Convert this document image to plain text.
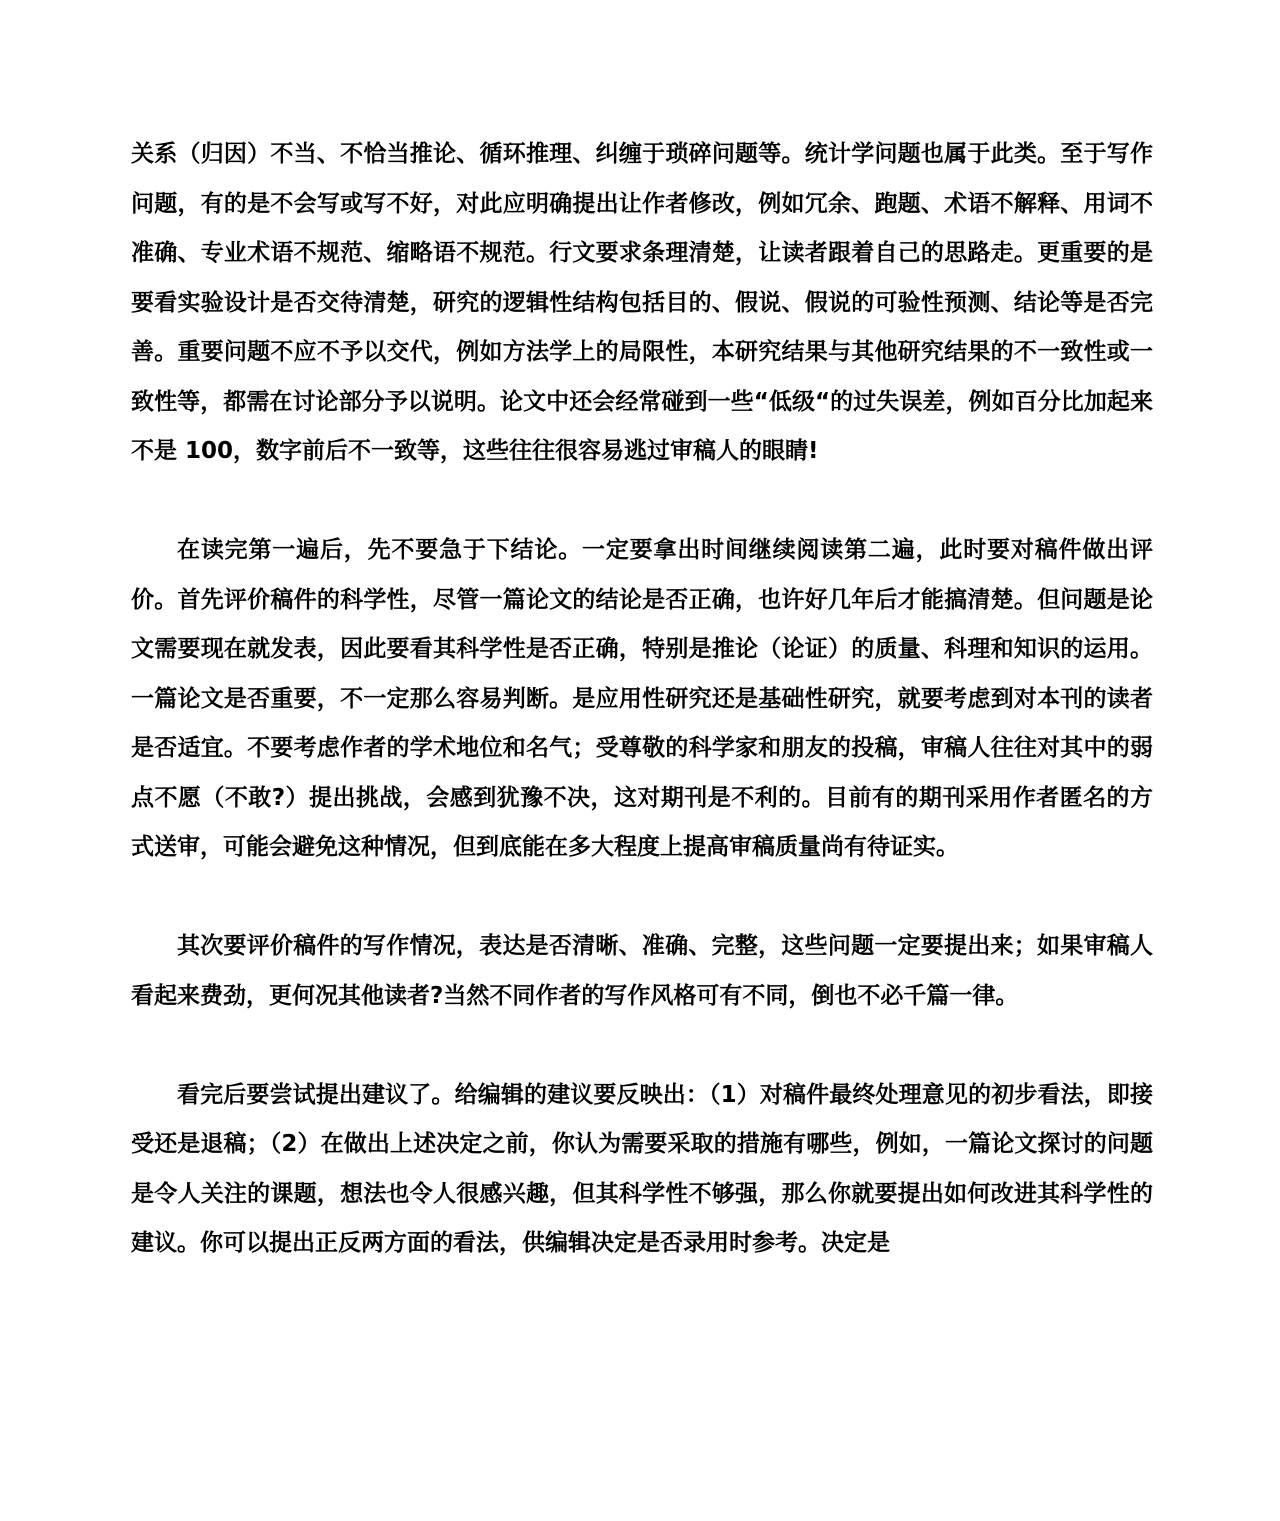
关系（归因）不当、不恰当推论、循环推理、纠缠于琐碎问题等。统计学问题也属于此类。至于写作问题，有的是不会写或写不好，对此应明确提出让作者修改，例如冗余、跑题、术语不解释、用词不准确、专业术语不规范、缩略语不规范。行文要求条理清楚，让读者跟着自己的思路走。更重要的是要看实验设计是否交待清楚，研究的逻辑性结构包括目的、假说、假说的可验性预测、结论等是否完善。重要问题不应不予以交代，例如方法学上的局限性，本研究结果与其他研究结果的不一致性或一致性等，都需在讨论部分予以说明。论文中还会经常碰到一些“低级“的过失误差，例如百分比加起来不是 100，数字前后不一致等，这些往往很容易逃过审稿人的眼睛!

在读完第一遍后，先不要急于下结论。一定要拿出时间继续阅读第二遍，此时要对稿件做出评价。首先评价稿件的科学性，尽管一篇论文的结论是否正确，也许好几年后才能搞清楚。但问题是论文需要现在就发表，因此要看其科学性是否正确，特别是推论（论证）的质量、科理和知识的运用。一篇论文是否重要，不一定那么容易判断。是应用性研究还是基础性研究，就要考虑到对本刊的读者是否适宜。不要考虑作者的学术地位和名气；受尊敬的科学家和朋友的投稿，审稿人往往对其中的弱点不愿（不敢?）提出挑战，会感到犹豫不决，这对期刊是不利的。目前有的期刊采用作者匿名的方式送审，可能会避免这种情况，但到底能在多大程度上提高审稿质量尚有待证实。

其次要评价稿件的写作情况，表达是否清晰、准确、完整，这些问题一定要提出来；如果审稿人看起来费劲，更何况其他读者?当然不同作者的写作风格可有不同，倒也不必千篇一律。

看完后要尝试提出建议了。给编辑的建议要反映出：（1）对稿件最终处理意见的初步看法，即接受还是退稿；（2）在做出上述决定之前，你认为需要采取的措施有哪些，例如，一篇论文探讨的问题是令人关注的课题，想法也令人很感兴趣，但其科学性不够强，那么你就要提出如何改进其科学性的建议。你可以提出正反两方面的看法，供编辑决定是否录用时参考。决定是
